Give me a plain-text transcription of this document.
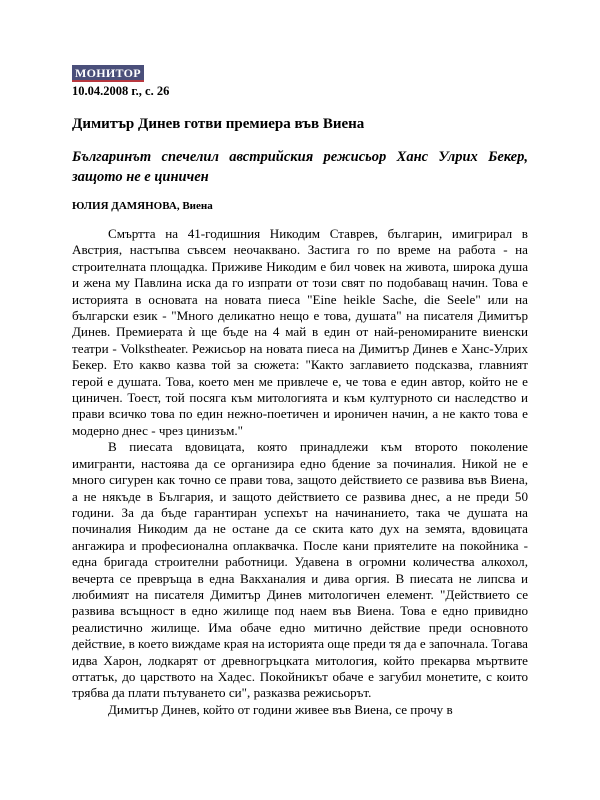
МОНИТОР
10.04.2008 г., с. 26
Димитър Динев готви премиера във Виена
Българинът спечелил австрийския режисьор Ханс Улрих Бекер, защото не е циничен
ЮЛИЯ ДАМЯНОВА, Виена

Смъртта на 41-годишния Никодим Ставрев, българин, имигрирал в Австрия, настъпва съвсем неочаквано. Застига го по време на работа - на строителната площадка. Приживе Никодим е бил човек на живота, широка душа и жена му Павлина иска да го изпрати от този свят по подобаващ начин. Това е историята в основата на новата пиеса "Eine heikle Sache, die Seele" или на български език - "Много деликатно нещо е това, душата" на писателя Димитър Динев. Премиерата ѝ ще бъде на 4 май в един от най-реномираните виенски театри - Volkstheater. Режисьор на новата пиеса на Димитър Динев е Ханс-Улрих Бекер. Ето какво казва той за сюжета: "Както заглавието подсказва, главният герой е душата. Това, което мен ме привлече е, че това е един автор, който не е циничен. Тоест, той посяга към митологията и към културното си наследство и прави всичко това по един нежно-поетичен и ироничен начин, а не както това е модерно днес - чрез цинизъм."

В пиесата вдовицата, която принадлежи към второто поколение имигранти, настоява да се организира едно бдение за починалия. Никой не е много сигурен как точно се прави това, защото действието се развива във Виена, а не някъде в България, и защото действието се развива днес, а не преди 50 години. За да бъде гарантиран успехът на начинанието, така че душата на починалия Никодим да не остане да се скита като дух на земята, вдовицата ангажира и професионална оплаквачка. После кани приятелите на покойника - една бригада строителни работници. Удавена в огромни количества алкохол, вечерта се превръща в една Вакханалия и дива оргия. В пиесата не липсва и любимият на писателя Димитър Динев митологичен елемент. "Действието се развива всъщност в едно жилище под наем във Виена. Това е едно привидно реалистично жилище. Има обаче едно митично действие преди основното действие, в което виждаме края на историята още преди тя да е започнала. Тогава идва Харон, лодкарят от древногръцката митология, който прекарва мъртвите оттатък, до царството на Хадес. Покойникът обаче е загубил монетите, с които трябва да плати пътуването си", разказва режисьорът.

Димитър Динев, който от години живее във Виена, се прочу в
